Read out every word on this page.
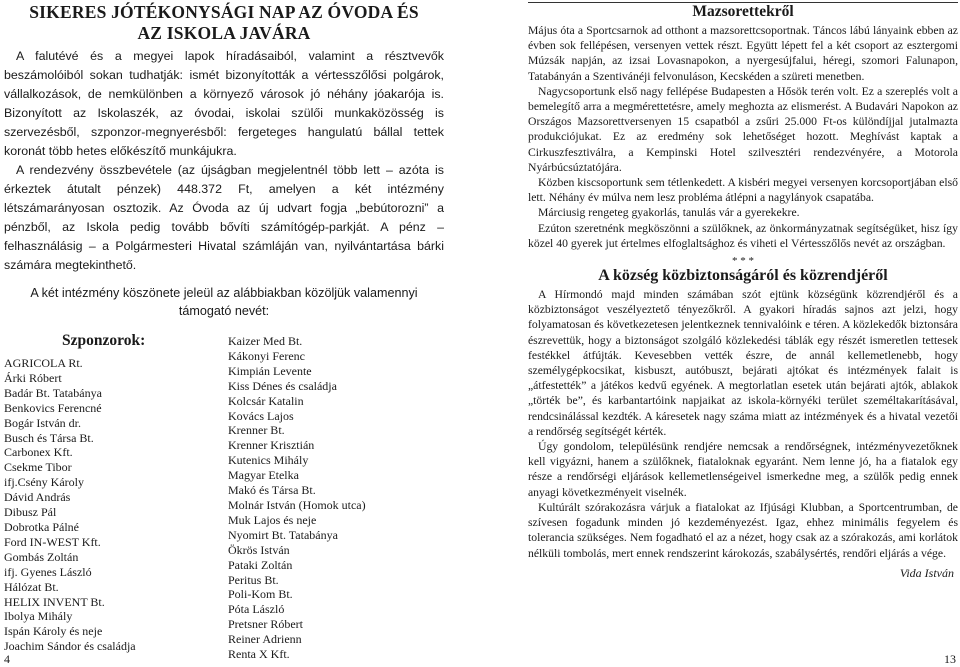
SIKERES JÓTÉKONYSÁGI NAP AZ ÓVODA ÉS
AZ ISKOLA JAVÁRA

A falutévé és a megyei lapok híradásaiból, valamint a résztvevők beszámolóiból sokan tudhatják: ismét bizonyították a vértesszőlősi polgárok, vállalkozások, de nemkülönben a környező városok jó néhány jóakarója is. Bizonyított az Iskolaszék, az óvodai, iskolai szülői munkaközösség is szervezésből, szponzor-megnyerésből: fergeteges hangulatú bállal tettek koronát több hetes előkészítő munkájukra.

A rendezvény összbevétele (az újságban megjelentnél több lett – azóta is érkeztek átutalt pénzek) 448.372 Ft, amelyen a két intézmény létszámarányosan osztozik. Az Óvoda az új udvart fogja „bebútorozni” a pénzből, az Iskola pedig tovább bővíti számítógép-parkját. A pénz – felhasználásig – a Polgármesteri Hivatal számláján van, nyilvántartása bárki számára megtekinthető.

A két intézmény köszönete jeleül az alábbiakban közöljük valamennyi támogató nevét:
Szponzorok:
AGRICOLA Rt.
Árki Róbert
Badár Bt. Tatabánya
Benkovics Ferencné
Bogár István dr.
Busch és Társa Bt.
Carbonex Kft.
Csekme Tibor
ifj.Csény Károly
Dávid András
Dibusz Pál
Dobrotka Pálné
Ford IN-WEST Kft.
Gombás Zoltán
ifj. Gyenes László
Hálózat Bt.
HELIX INVENT Bt.
Ibolya Mihály
Ispán Károly és neje
Joachim Sándor és családja
Kaizer Med Bt.
Kákonyi Ferenc
Kimpián Levente
Kiss Dénes és családja
Kolcsár Katalin
Kovács Lajos
Krenner Bt.
Krenner Krisztián
Kutenics Mihály
Magyar Etelka
Makó és Társa Bt.
Molnár István (Homok utca)
Muk Lajos és neje
Nyomirt Bt. Tatabánya
Ökrös István
Pataki Zoltán
Peritus Bt.
Poli-Kom Bt.
Póta László
Pretsner Róbert
Reiner Adrienn
Renta X Kft.
4
Mazsorettekről

Május óta a Sportcsarnok ad otthont a mazsorettcsoportnak. Táncos lábú lányaink ebben az évben sok fellépésen, versenyen vettek részt. Együtt lépett fel a két csoport az esztergomi Múzsák napján, az izsai Lovasnapokon, a nyergesújfalui, héregi, szomori Falunapon, Tatabányán a Szentivánéji felvonuláson, Kecskéden a szüreti menetben.

Nagycsoportunk első nagy fellépése Budapesten a Hősök terén volt. Ez a szereplés volt a bemelegítő arra a megmérettetésre, amely meghozta az elismerést. A Budavári Napokon az Országos Mazsorettversenyen 15 csapatból a zsűri 25.000 Ft-os különdíjjal jutalmazta produkciójukat. Ez az eredmény sok lehetőséget hozott. Meghívást kaptak a Cirkuszfesztiválra, a Kempinski Hotel szilvesztéri rendezvényére, a Motorola Nyárbúcsúztatójára.

Közben kiscsoportunk sem tétlenkedett. A kisbéri megyei versenyen korcsoportjában első lett. Néhány év múlva nem lesz probléma átlépni a nagylányok csapatába.

Márciusig rengeteg gyakorlás, tanulás vár a gyerekekre.

Ezúton szeretnénk megköszönni a szülőknek, az önkormányzatnak segítségüket, hisz így közel 40 gyerek jut értelmes elfoglaltsághoz és viheti el Vértesszőlős nevét az országban.

* * *
A község közbiztonságáról és közrendjéről

A Hírmondó majd minden számában szót ejtünk községünk közrendjéről és a közbiztonságot veszélyeztető tényezőkről. A gyakori híradás sajnos azt jelzi, hogy folyamatosan és következetesen jelentkeznek tennivalóink e téren. A közlekedők biztonsára észrevettük, hogy a biztonságot szolgáló közlekedési táblák egy részét ismeretlen tettesek festékkel átfújták. Kevesebben vették észre, de annál kellemetlenebb, hogy személygépkocsikat, kisbuszt, autóbuszt, bejárati ajtókat és intézmények falait is „átfestették” a játékos kedvű egyének. A megtorlatlan esetek után bejárati ajtók, ablakok „törték be”, és karbantartóink napjaikat az iskola-környéki terület személtakarításával, rendcsinálással kezdték. A káresetek nagy száma miatt az intézmények és a hivatal vezetői a rendőrség segítségét kérték.

Úgy gondolom, településünk rendjére nemcsak a rendőrségnek, intézményvezetőknek kell vigyázni, hanem a szülőknek, fiataloknak egyaránt. Nem lenne jó, ha a fiatalok egy része a rendőrségi eljárások kellemetlenségeivel ismerkedne meg, a szülők pedig ennek anyagi következményeit viselnék.

Kultúrált szórakozásra várjuk a fiatalokat az Ifjúsági Klubban, a Sportcentrumban, de szívesen fogadunk minden jó kezdeményezést. Igaz, ehhez minimális fegyelem és tolerancia szükséges. Nem fogadható el az a nézet, hogy csak az a szórakozás, ami korlátok nélküli tombolás, mert ennek rendszerint károkozás, szabálysértés, rendőri eljárás a vége.

Vida István
13
